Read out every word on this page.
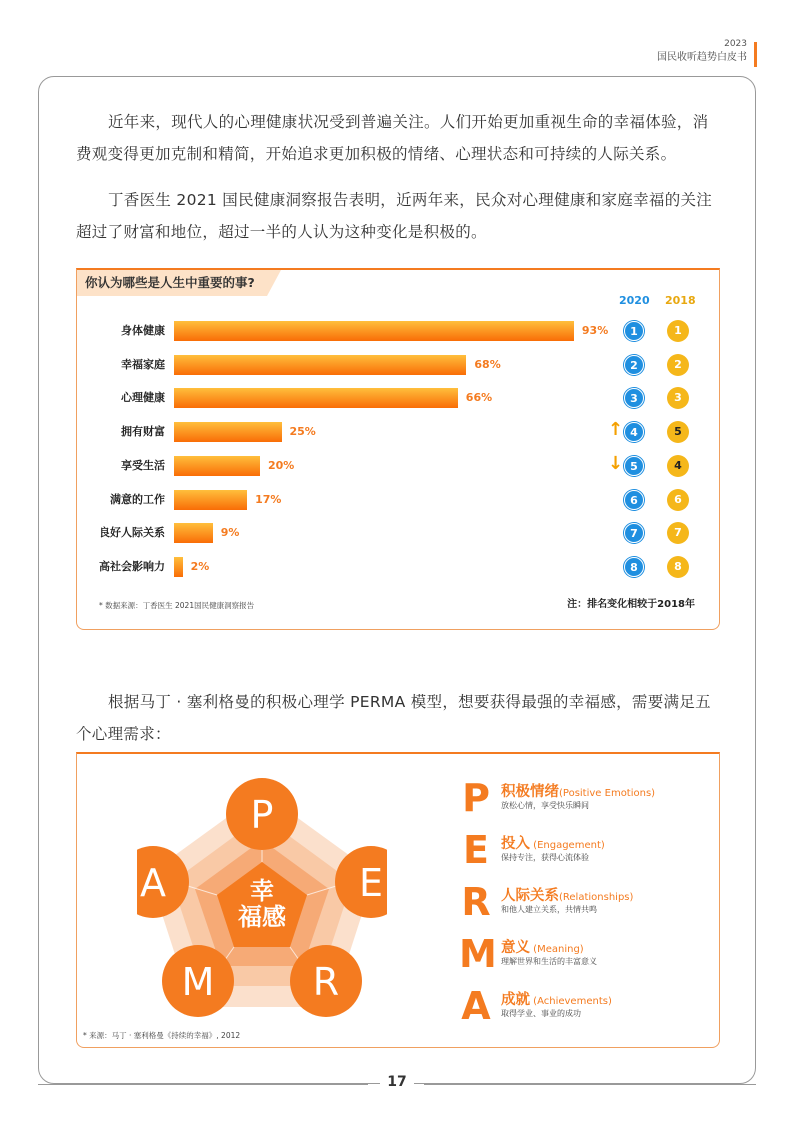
2023
国民收听趋势白皮书

近年来，现代人的心理健康状况受到普遍关注。人们开始更加重视生命的幸福体验，消费观变得更加克制和精简，开始追求更加积极的情绪、心理状态和可持续的人际关系。

丁香医生 2021 国民健康洞察报告表明，近两年来，民众对心理健康和家庭幸福的关注超过了财富和地位，超过一半的人认为这种变化是积极的。

你认为哪些是人生中重要的事?
2020 2018
身体健康	93%	1	1
幸福家庭	68%	2	2
心理健康	66%	3	3
拥有财富	25%	↑ 4	5
享受生活	20%	↓ 5	4
满意的工作	17%	6	6
良好人际关系	9%	7	7
高社会影响力 2%	8	8
* 数据来源：丁香医生 2021国民健康洞察报告	注：排名变化相较于2018年

根据马丁 · 塞利格曼的积极心理学 PERMA 模型，想要获得最强的幸福感，需要满足五个心理需求：

幸
福感
P
E
R
M
A
P 积极情绪(Positive Emotions)
放松心情，享受快乐瞬间
E 投入 (Engagement)
保持专注，获得心流体验
R 人际关系(Relationships)
和他人建立关系，共情共鸣
M 意义 (Meaning)
理解世界和生活的丰富意义
A 成就 (Achievements)
取得学业、事业的成功
* 来源：马丁 · 塞利格曼《持续的幸福》, 2012
17
